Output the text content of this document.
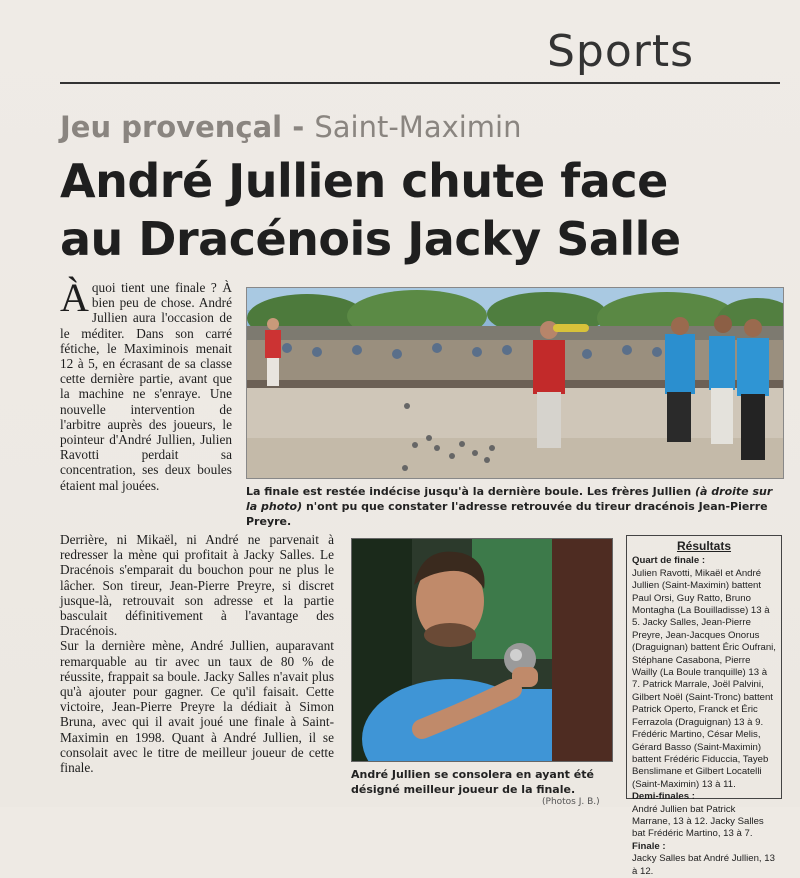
Sports
Jeu provençal - Saint-Maximin
André Jullien chute face
au Dracénois Jacky Salle
Àquoi tient une finale ? À bien peu de chose. André Jullien aura l'occasion de le méditer. Dans son carré fétiche, le Maximinois menait 12 à 5, en écrasant de sa classe cette dernière partie, avant que la machine ne s'enraye. Une nouvelle intervention de l'arbitre auprès des joueurs, le pointeur d'André Jullien, Julien Ravotti perdait sa concentration, ses deux boules étaient mal jouées.	La finale est restée indécise jusqu'à la dernière boule. Les frères Jullien (à droite sur la photo) n'ont pu que constater l'adresse retrouvée du tireur dracénois Jean-Pierre Preyre.

Derrière, ni Mikaël, ni André ne parvenait à redresser la mène qui profitait à Jacky Salles. Le Dracénois s'emparait du bouchon pour ne plus le lâcher. Son tireur, Jean-Pierre Preyre, si discret jusque-là, retrouvait son adresse et la partie basculait définitivement à l'avantage des Dracénois.

Sur la dernière mène, André Jullien, auparavant remarquable au tir avec un taux de 80 % de réussite, frappait sa boule. Jacky Salles n'avait plus qu'à ajouter pour gagner. Ce qu'il faisait. Cette victoire, Jean-Pierre Preyre la dédiait à Simon Bruna, avec qui il avait joué une finale à Saint-Maximin en 1998. Quant à André Jullien, il se consolait avec le titre de meilleur joueur de cette finale.	André Jullien se consolera en ayant été désigné meilleur joueur de la finale.
(Photos J. B.)
Résultats

Quart de finale :

Julien Ravotti, Mikaël et André Jullien (Saint-Maximin) battent Paul Orsi, Guy Ratto, Bruno Montagha (La Bouilladisse) 13 à 5. Jacky Salles, Jean-Pierre Preyre, Jean-Jacques Onorus (Draguignan) battent Éric Oufrani, Stéphane Casabona, Pierre Wailly (La Boule tranquille) 13 à 7. Patrick Marrale, Joël Palvini, Gilbert Noël (Saint-Tronc) battent Patrick Operto, Franck et Éric Ferrazola (Draguignan) 13 à 9. Frédéric Martino, César Melis, Gérard Basso (Saint-Maximin) battent Frédéric Fiduccia, Tayeb Benslimane et Gilbert Locatelli (Saint-Maximin) 13 à 11.

Demi-finales :

André Jullien bat Patrick Marrane, 13 à 12. Jacky Salles bat Frédéric Martino, 13 à 7.

Finale :

Jacky Salles bat André Jullien, 13 à 12.
